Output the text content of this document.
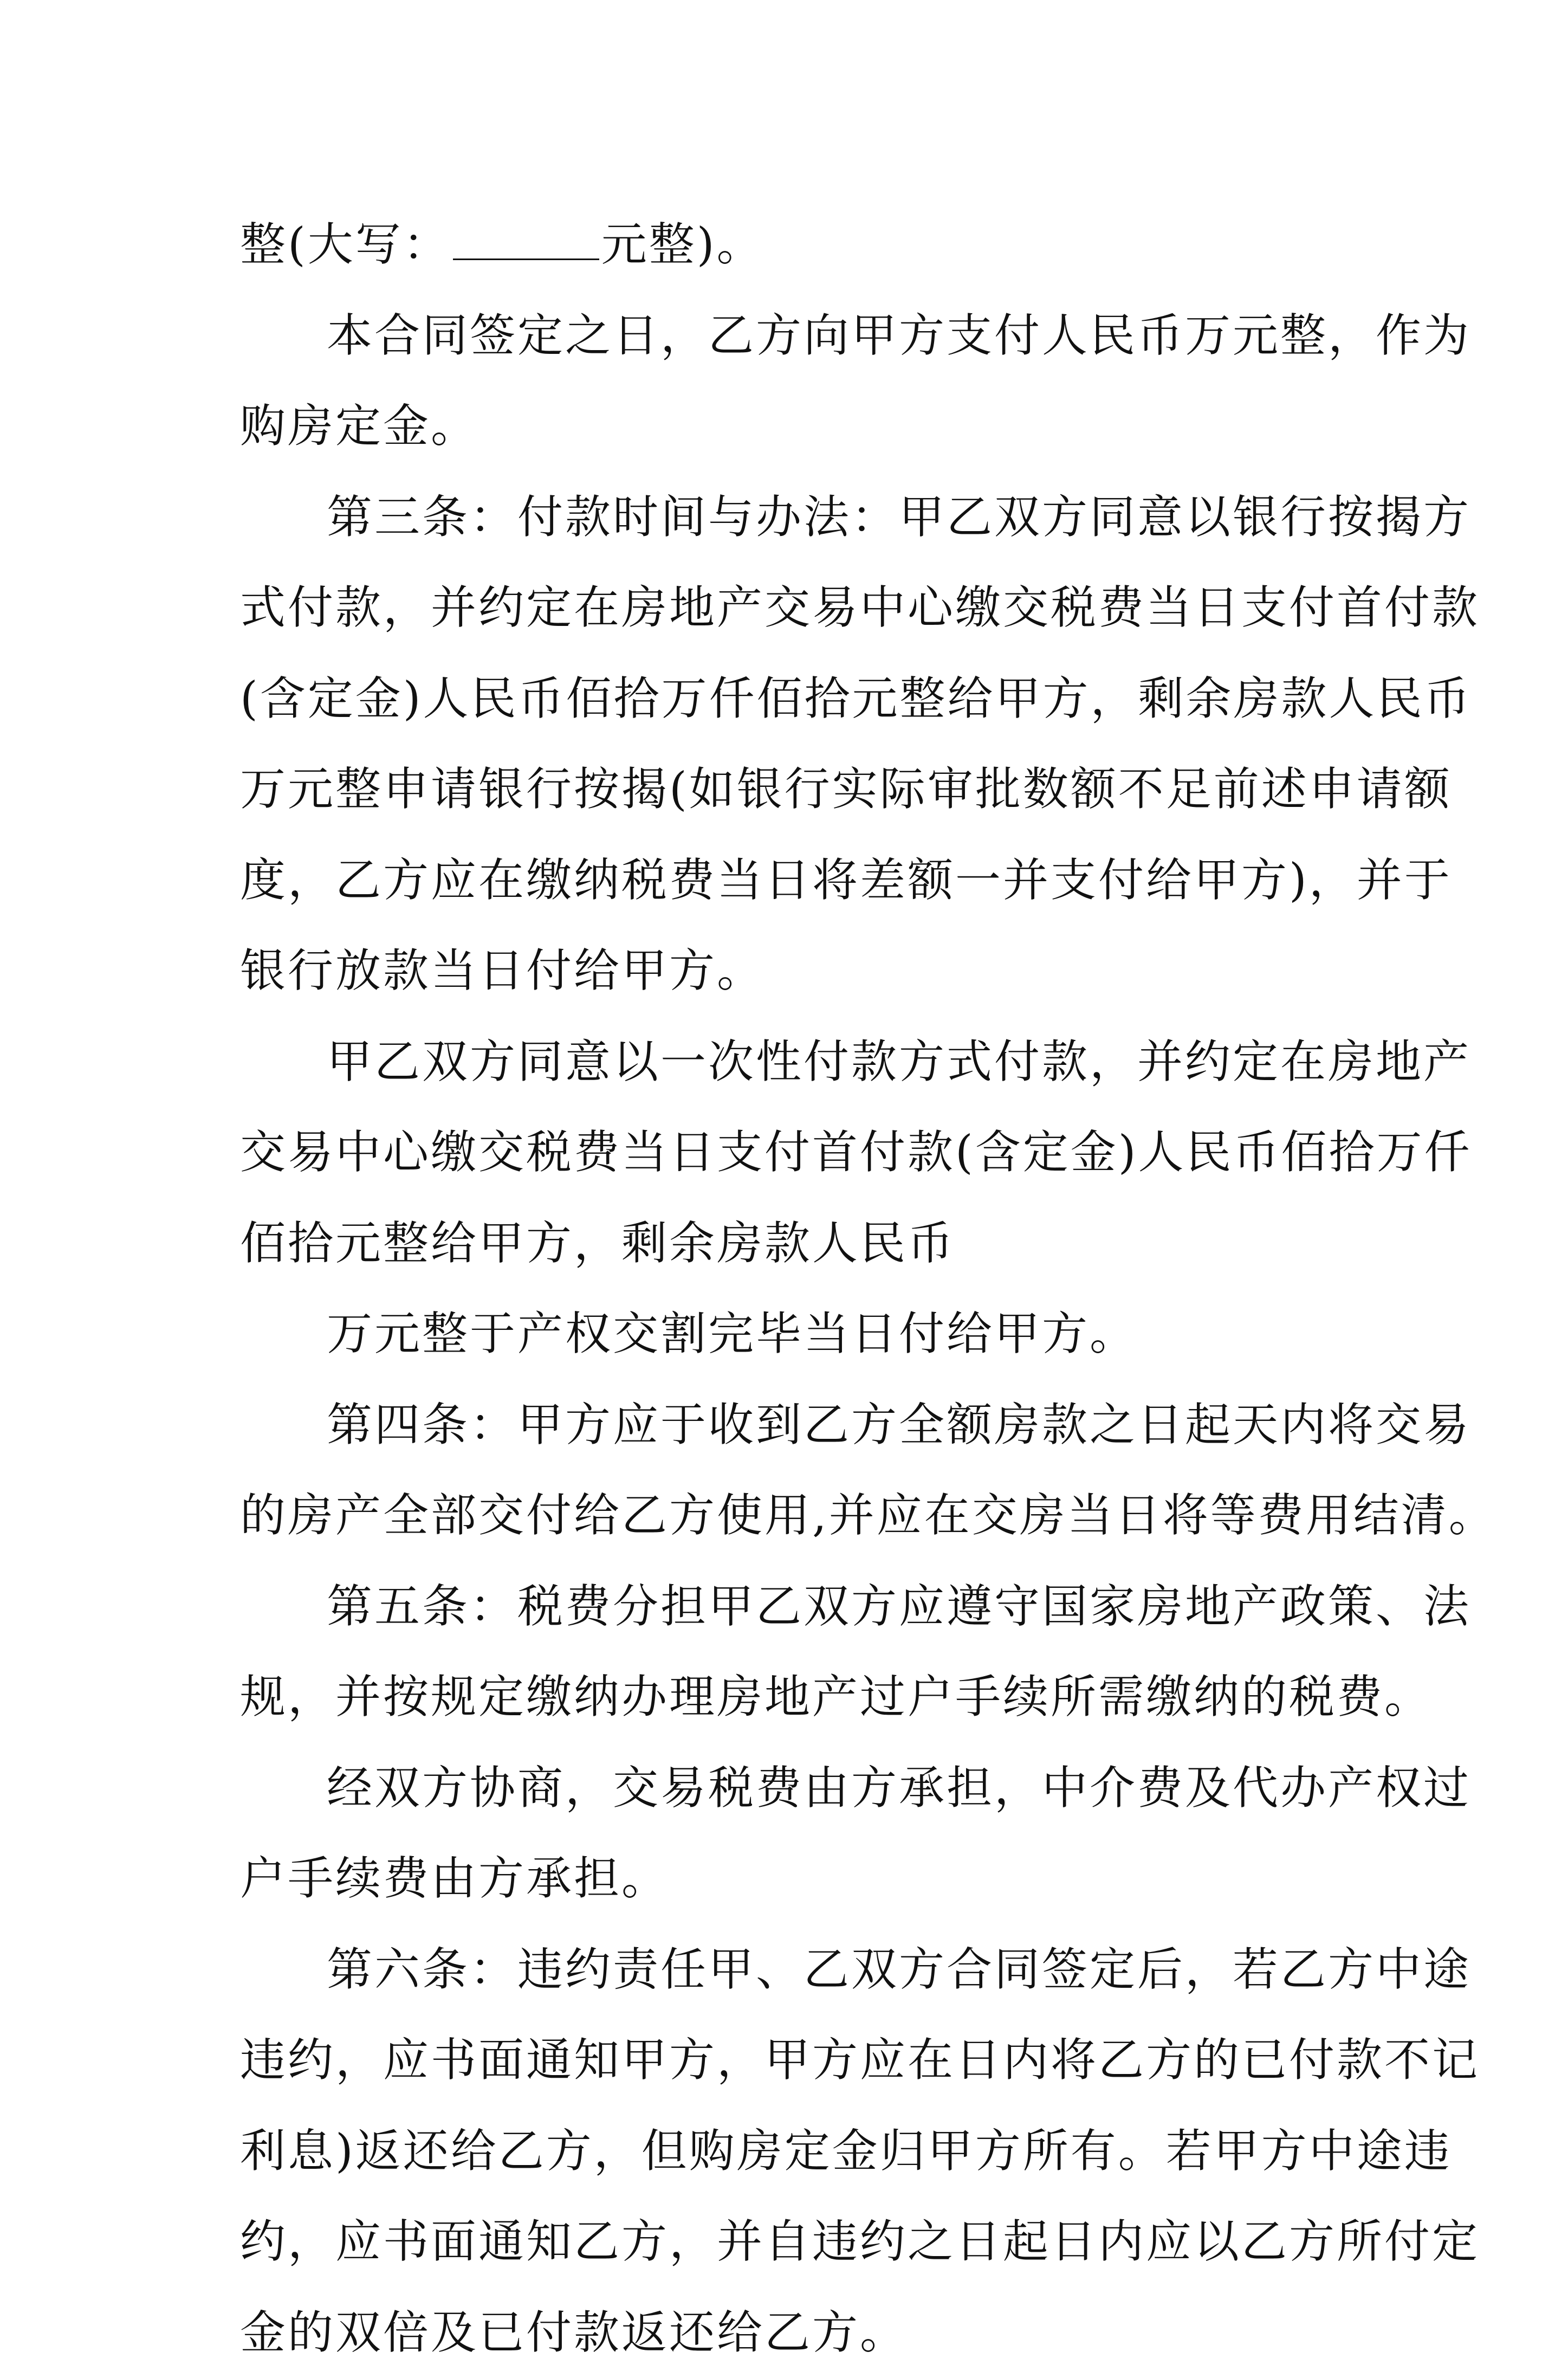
整(大写：	元整)。
本合同签定之日，乙方向甲方支付人民币万元整，作为
购房定金。
第三条：付款时间与办法：甲乙双方同意以银行按揭方
式付款，并约定在房地产交易中心缴交税费当日支付首付款
(含定金)人民币佰拾万仟佰拾元整给甲方，剩余房款人民币
万元整申请银行按揭(如银行实际审批数额不足前述申请额
度，乙方应在缴纳税费当日将差额一并支付给甲方)，并于
银行放款当日付给甲方。
甲乙双方同意以一次性付款方式付款，并约定在房地产
交易中心缴交税费当日支付首付款(含定金)人民币佰拾万仟
佰拾元整给甲方，剩余房款人民币
万元整于产权交割完毕当日付给甲方。
第四条：甲方应于收到乙方全额房款之日起天内将交易
的房产全部交付给乙方使用,并应在交房当日将等费用结清。
第五条：税费分担甲乙双方应遵守国家房地产政策、法
规，并按规定缴纳办理房地产过户手续所需缴纳的税费。
经双方协商，交易税费由方承担，中介费及代办产权过
户手续费由方承担。
第六条：违约责任甲、乙双方合同签定后，若乙方中途
违约，应书面通知甲方，甲方应在日内将乙方的已付款不记
利息)返还给乙方，但购房定金归甲方所有。若甲方中途违
约，应书面通知乙方，并自违约之日起日内应以乙方所付定
金的双倍及已付款返还给乙方。
